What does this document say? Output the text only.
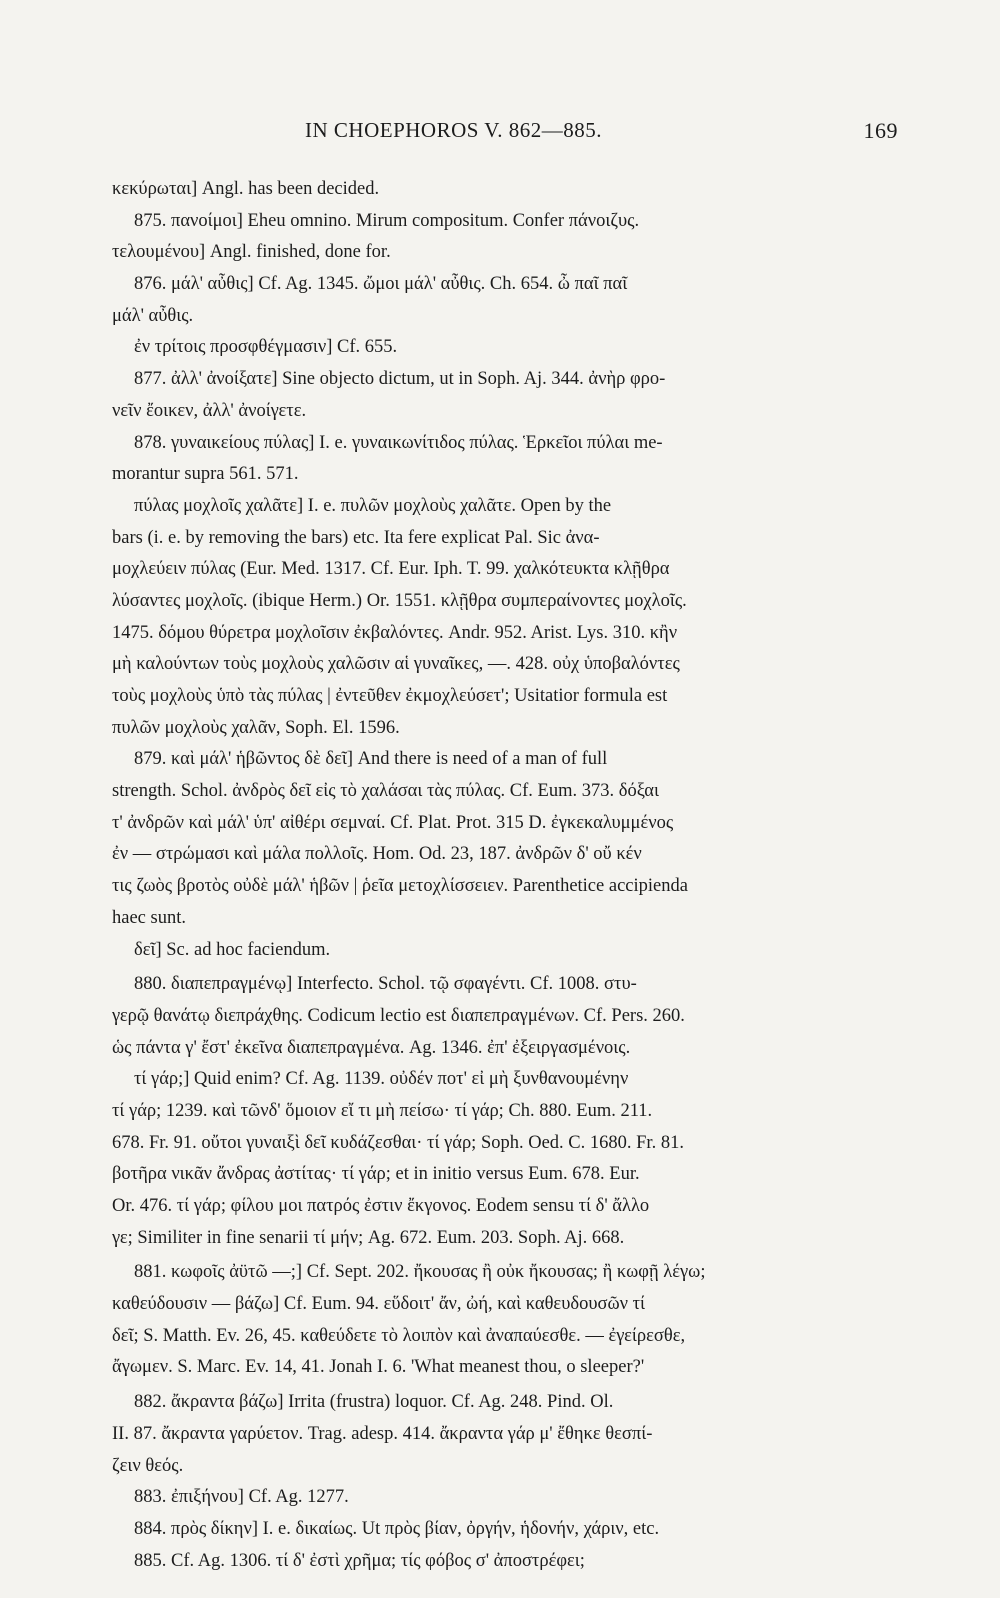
IN CHOEPHOROS V. 862—885.	169
κεκύρωται] Angl. has been decided.
875. πανοίμοι] Eheu omnino. Mirum compositum. Confer πάνοιζυς.
τελουμένου] Angl. finished, done for.
876. μάλ' αὖθις] Cf. Ag. 1345. ὤμοι μάλ' αὖθις. Ch. 654. ὦ παῖ παῖ
μάλ' αὖθις.
ἐν τρίτοις προσφθέγμασιν] Cf. 655.
877. ἀλλ' ἀνοίξατε] Sine objecto dictum, ut in Soph. Aj. 344. ἀνὴρ φρο-
νεῖν ἔοικεν, ἀλλ' ἀνοίγετε.
878. γυναικείους πύλας] I. e. γυναικωνίτιδος πύλας. Ἑρκεῖοι πύλαι me-
morantur supra 561. 571.
πύλας μοχλοῖς χαλᾶτε] I. e. πυλῶν μοχλοὺς χαλᾶτε. Open by the
bars (i. e. by removing the bars) etc. Ita fere explicat Pal. Sic ἀνα-
μοχλεύειν πύλας (Eur. Med. 1317. Cf. Eur. Iph. T. 99. χαλκότευκτα κλῇθρα
λύσαντες μοχλοῖς. (ibique Herm.) Or. 1551. κλῇθρα συμπεραίνοντες μοχλοῖς.
1475. δόμου θύρετρα μοχλοῖσιν ἐκβαλόντες. Andr. 952. Arist. Lys. 310. κἢν
μὴ καλούντων τοὺς μοχλοὺς χαλῶσιν αἱ γυναῖκες, —. 428. οὐχ ὑποβαλόντες
τοὺς μοχλοὺς ὑπὸ τὰς πύλας | ἐντεῦθεν ἐκμοχλεύσετ'; Usitatior formula est
πυλῶν μοχλοὺς χαλᾶν, Soph. El. 1596.
879. καὶ μάλ' ἡβῶντος δὲ δεῖ] And there is need of a man of full
strength. Schol. ἀνδρὸς δεῖ εἰς τὸ χαλάσαι τὰς πύλας. Cf. Eum. 373. δόξαι
τ' ἀνδρῶν καὶ μάλ' ὑπ' αἰθέρι σεμναί. Cf. Plat. Prot. 315 D. ἐγκεκαλυμμένος
ἐν — στρώμασι καὶ μάλα πολλοῖς. Hom. Od. 23, 187. ἀνδρῶν δ' οὔ κέν
τις ζωὸς βροτὸς οὐδὲ μάλ' ἡβῶν | ῥεῖα μετοχλίσσειεν. Parenthetice accipienda
haec sunt.
δεῖ] Sc. ad hoc faciendum.
880. διαπεπραγμένῳ] Interfecto. Schol. τῷ σφαγέντι. Cf. 1008. στυ-
γερῷ θανάτῳ διεπράχθης. Codicum lectio est διαπεπραγμένων. Cf. Pers. 260.
ὡς πάντα γ' ἔστ' ἐκεῖνα διαπεπραγμένα. Ag. 1346. ἐπ' ἐξειργασμένοις.
τί γάρ;] Quid enim? Cf. Ag. 1139. οὐδέν ποτ' εἰ μὴ ξυνθανουμένην
τί γάρ; 1239. καὶ τῶνδ' ὅμοιον εἴ τι μὴ πείσω· τί γάρ; Ch. 880. Eum. 211.
678. Fr. 91. οὔτοι γυναιξὶ δεῖ κυδάζεσθαι· τί γάρ; Soph. Oed. C. 1680. Fr. 81.
βοτῆρα νικᾶν ἄνδρας ἀστίτας· τί γάρ; et in initio versus Eum. 678. Eur.
Or. 476. τί γάρ; φίλου μοι πατρός ἐστιν ἔκγονος. Eodem sensu τί δ' ἄλλο
γε; Similiter in fine senarii τί μήν; Ag. 672. Eum. 203. Soph. Aj. 668.
881. κωφοῖς ἀϋτῶ —;] Cf. Sept. 202. ἤκουσας ἢ οὐκ ἤκουσας; ἢ κωφῇ λέγω;
καθεύδουσιν — βάζω] Cf. Eum. 94. εὕδοιτ' ἄν, ὠή, καὶ καθευδουσῶν τί
δεῖ; S. Matth. Ev. 26, 45. καθεύδετε τὸ λοιπὸν καὶ ἀναπαύεσθε. — ἐγείρεσθε,
ἄγωμεν. S. Marc. Ev. 14, 41. Jonah I. 6. 'What meanest thou, o sleeper?'
882. ἄκραντα βάζω] Irrita (frustra) loquor. Cf. Ag. 248. Pind. Ol.
II. 87. ἄκραντα γαρύετον. Trag. adesp. 414. ἄκραντα γάρ μ' ἔθηκε θεσπί-
ζειν θεός.
883. ἐπιξήνου] Cf. Ag. 1277.
884. πρὸς δίκην] I. e. δικαίως. Ut πρὸς βίαν, ὀργήν, ἡδονήν, χάριν, etc.
885. Cf. Ag. 1306. τί δ' ἐστὶ χρῆμα; τίς φόβος σ' ἀποστρέφει;
